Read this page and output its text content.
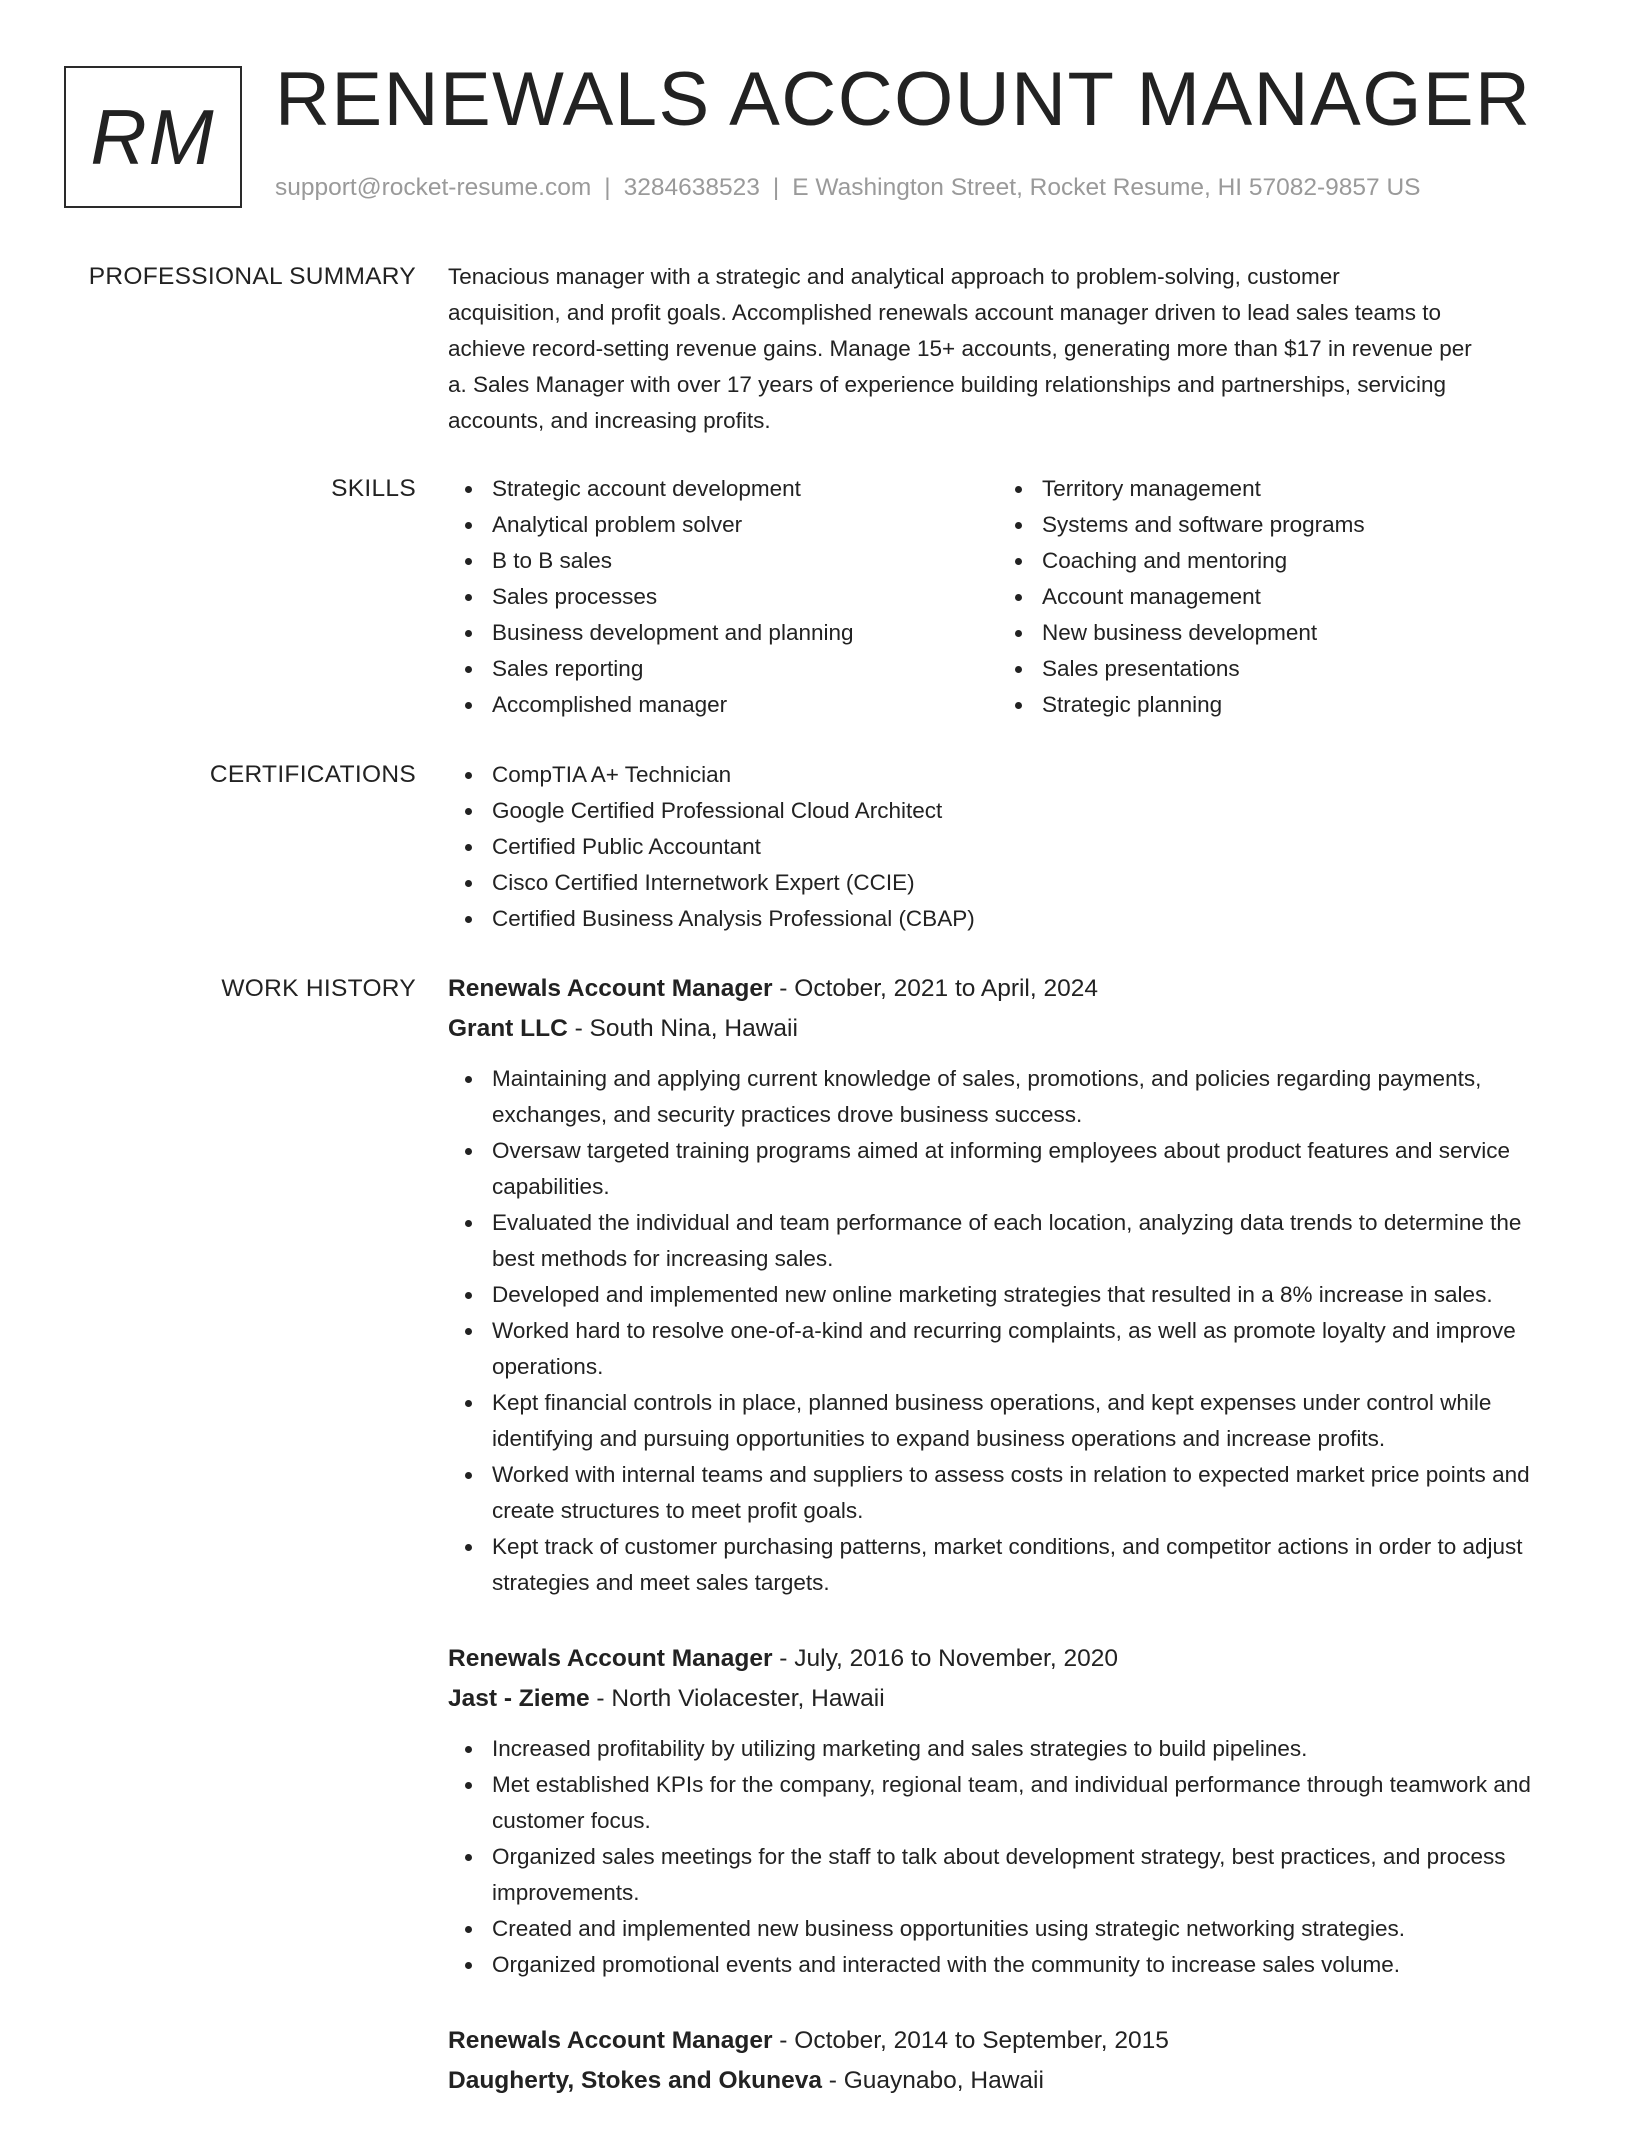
RM RENEWALS ACCOUNT MANAGER
support@rocket-resume.com | 3284638523 | E Washington Street, Rocket Resume, HI 57082-9857 US
PROFESSIONAL SUMMARY Tenacious manager with a strategic and analytical approach to problem-solving, customer
acquisition, and profit goals. Accomplished renewals account manager driven to lead sales teams to
achieve record-setting revenue gains. Manage 15+ accounts, generating more than $17 in revenue per
a. Sales Manager with over 17 years of experience building relationships and partnerships, servicing
accounts, and increasing profits.
SKILLS	Strategic account development
Analytical problem solver
B to B sales
Sales processes
Business development and planning
Sales reporting
Accomplished manager
Territory management
Systems and software programs
Coaching and mentoring
Account management
New business development
Sales presentations
Strategic planning
CERTIFICATIONS	CompTIA A+ Technician
Google Certified Professional Cloud Architect
Certified Public Accountant
Cisco Certified Internetwork Expert (CCIE)
Certified Business Analysis Professional (CBAP)
WORK HISTORY Renewals Account Manager - October, 2021 to April, 2024
Grant LLC - South Nina, Hawaii
Maintaining and applying current knowledge of sales, promotions, and policies regarding payments, exchanges, and security practices drove business success.
Oversaw targeted training programs aimed at informing employees about product features and service capabilities.
Evaluated the individual and team performance of each location, analyzing data trends to determine the best methods for increasing sales.
Developed and implemented new online marketing strategies that resulted in a 8% increase in sales.
Worked hard to resolve one-of-a-kind and recurring complaints, as well as promote loyalty and improve operations.
Kept financial controls in place, planned business operations, and kept expenses under control while identifying and pursuing opportunities to expand business operations and increase profits.
Worked with internal teams and suppliers to assess costs in relation to expected market price points and create structures to meet profit goals.
Kept track of customer purchasing patterns, market conditions, and competitor actions in order to adjust strategies and meet sales targets.
Renewals Account Manager - July, 2016 to November, 2020
Jast - Zieme - North Violacester, Hawaii
Increased profitability by utilizing marketing and sales strategies to build pipelines.
Met established KPIs for the company, regional team, and individual performance through teamwork and customer focus.
Organized sales meetings for the staff to talk about development strategy, best practices, and process improvements.
Created and implemented new business opportunities using strategic networking strategies.
Organized promotional events and interacted with the community to increase sales volume.
Renewals Account Manager - October, 2014 to September, 2015
Daugherty, Stokes and Okuneva - Guaynabo, Hawaii
